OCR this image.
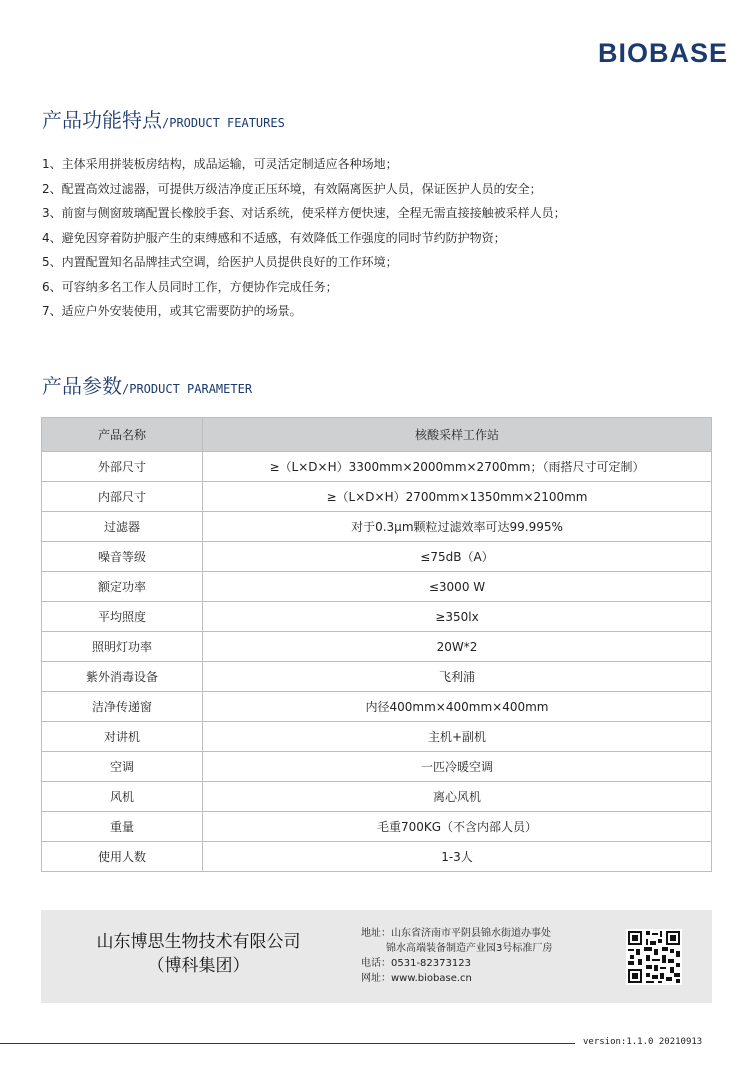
BIOBASE
产品功能特点/PRODUCT FEATURES
1、主体采用拼装板房结构，成品运输，可灵活定制适应各种场地；
2、配置高效过滤器，可提供万级洁净度正压环境，有效隔离医护人员，保证医护人员的安全；
3、前窗与侧窗玻璃配置长橡胶手套、对话系统，使采样方便快速，全程无需直接接触被采样人员；
4、避免因穿着防护服产生的束缚感和不适感，有效降低工作强度的同时节约防护物资；
5、内置配置知名品牌挂式空调，给医护人员提供良好的工作环境；
6、可容纳多名工作人员同时工作，方便协作完成任务；
7、适应户外安装使用，或其它需要防护的场景。
产品参数/PRODUCT PARAMETER
产品名称	核酸采样工作站
外部尺寸	≥（L×D×H）3300mm×2000mm×2700mm；（雨搭尺寸可定制）
内部尺寸	≥（L×D×H）2700mm×1350mm×2100mm
过滤器	对于0.3μm颗粒过滤效率可达99.995%
噪音等级	≤75dB（A）
额定功率	≤3000 W
平均照度	≥350lx
照明灯功率	20W*2
紫外消毒设备	飞利浦
洁净传递窗	内径400mm×400mm×400mm
对讲机	主机+副机
空调	一匹冷暖空调
风机	离心风机
重量	毛重700KG（不含内部人员）
使用人数	1-3人
山东博思生物技术有限公司
（博科集团）
地址：山东省济南市平阴县锦水街道办事处
锦水高端装备制造产业园3号标准厂房
电话：0531-82373123
网址：www.biobase.cn
version:1.1.0 20210913
